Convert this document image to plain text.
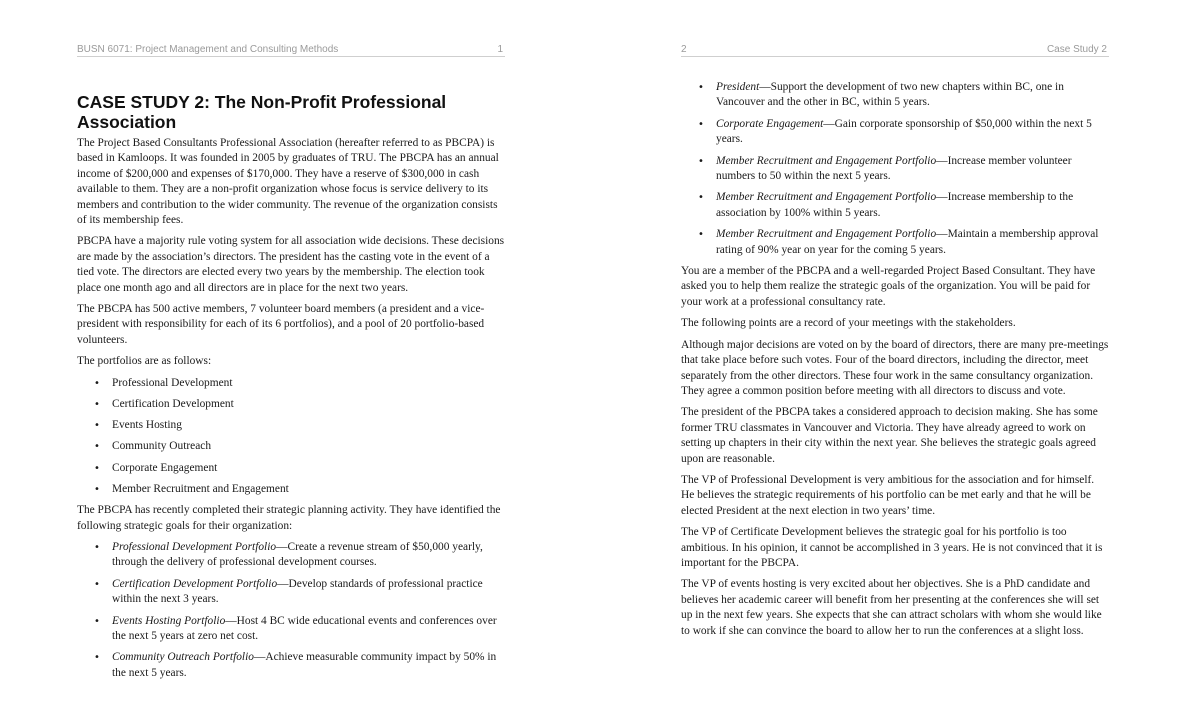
BUSN 6071: Project Management and Consulting Methods	1
CASE STUDY 2: The Non-Profit Professional Association

The Project Based Consultants Professional Association (hereafter referred to as PBCPA) is based in Kamloops. It was founded in 2005 by graduates of TRU. The PBCPA has an annual income of $200,000 and expenses of $170,000. They have a reserve of $300,000 in cash available to them. They are a non-profit organization whose focus is service delivery to its members and contribution to the wider community. The revenue of the organization consists of its membership fees.

PBCPA have a majority rule voting system for all association wide decisions. These decisions are made by the association’s directors. The president has the casting vote in the event of a tied vote. The directors are elected every two years by the membership. The election took place one month ago and all directors are in place for the next two years.

The PBCPA has 500 active members, 7 volunteer board members (a president and a vice-president with responsibility for each of its 6 portfolios), and a pool of 20 portfolio-based volunteers.

The portfolios are as follows:

• Professional Development
• Certification Development
• Events Hosting
• Community Outreach
• Corporate Engagement
• Member Recruitment and Engagement

The PBCPA has recently completed their strategic planning activity. They have identified the following strategic goals for their organization:

• Professional Development Portfolio—Create a revenue stream of $50,000 yearly, through the delivery of professional development courses.
• Certification Development Portfolio—Develop standards of professional practice within the next 3 years.
• Events Hosting Portfolio—Host 4 BC wide educational events and conferences over the next 5 years at zero net cost.
• Community Outreach Portfolio—Achieve measurable community impact by 50% in the next 5 years.
2	Case Study 2
• President—Support the development of two new chapters within BC, one in Vancouver and the other in BC, within 5 years.
• Corporate Engagement—Gain corporate sponsorship of $50,000 within the next 5 years.
• Member Recruitment and Engagement Portfolio—Increase member volunteer numbers to 50 within the next 5 years.
• Member Recruitment and Engagement Portfolio—Increase membership to the association by 100% within 5 years.
• Member Recruitment and Engagement Portfolio—Maintain a membership approval rating of 90% year on year for the coming 5 years.

You are a member of the PBCPA and a well-regarded Project Based Consultant. They have asked you to help them realize the strategic goals of the organization. You will be paid for your work at a professional consultancy rate.

The following points are a record of your meetings with the stakeholders.

Although major decisions are voted on by the board of directors, there are many pre-meetings that take place before such votes. Four of the board directors, including the director, meet separately from the other directors. These four work in the same consultancy organization. They agree a common position before meeting with all directors to discuss and vote.

The president of the PBCPA takes a considered approach to decision making. She has some former TRU classmates in Vancouver and Victoria. They have already agreed to work on setting up chapters in their city within the next year. She believes the strategic goals agreed upon are reasonable.

The VP of Professional Development is very ambitious for the association and for himself. He believes the strategic requirements of his portfolio can be met early and that he will be elected President at the next election in two years’ time.

The VP of Certificate Development believes the strategic goal for his portfolio is too ambitious. In his opinion, it cannot be accomplished in 3 years. He is not convinced that it is important for the PBCPA.

The VP of events hosting is very excited about her objectives. She is a PhD candidate and believes her academic career will benefit from her presenting at the conferences she will set up in the next few years. She expects that she can attract scholars with whom she would like to work if she can convince the board to allow her to run the conferences at a slight loss.
